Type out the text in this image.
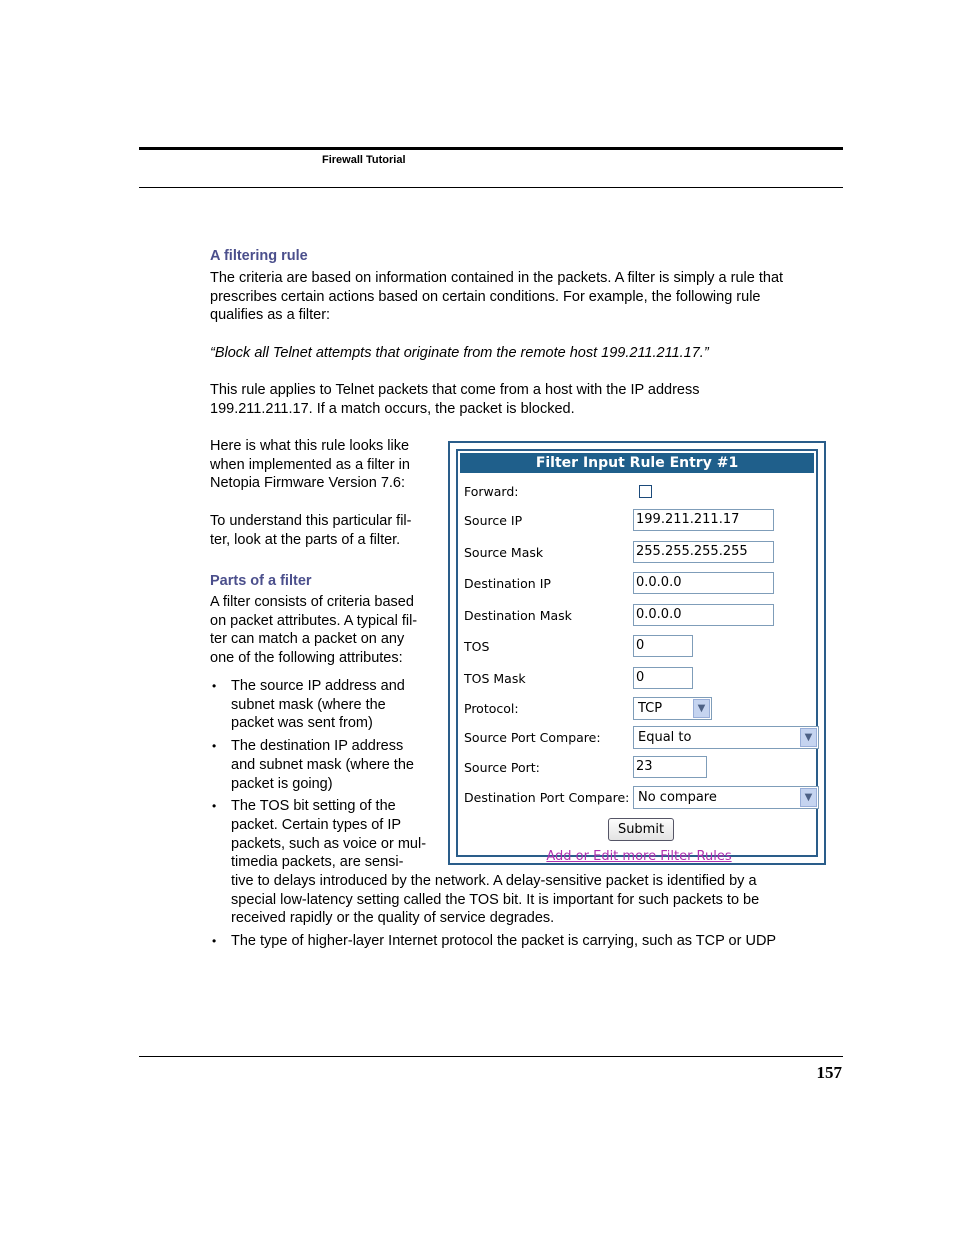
Firewall Tutorial
157
A filtering rule
The criteria are based on information contained in the packets. A filter is simply a rule that
prescribes certain actions based on certain conditions. For example, the following rule
qualifies as a filter:
“Block all Telnet attempts that originate from the remote host 199.211.211.17.”
This rule applies to Telnet packets that come from a host with the IP address
199.211.211.17. If a match occurs, the packet is blocked.
Here is what this rule looks like
when implemented as a filter in
Netopia Firmware Version 7.6:
To understand this particular fil-
ter, look at the parts of a filter.
Parts of a filter
A filter consists of criteria based
on packet attributes. A typical fil-
ter can match a packet on any
one of the following attributes:
• The source IP address and
subnet mask (where the
packet was sent from)
• The destination IP address
and subnet mask (where the
packet is going)
• The TOS bit setting of the
packet. Certain types of IP
packets, such as voice or mul-
timedia packets, are sensi-
tive to delays introduced by the network. A delay-sensitive packet is identified by a
special low-latency setting called the TOS bit. It is important for such packets to be
received rapidly or the quality of service degrades.
• The type of higher-layer Internet protocol the packet is carrying, such as TCP or UDP
Filter Input Rule Entry #1
Forward:
Source IP	199.211.211.17
Source Mask	255.255.255.255
Destination IP	0.0.0.0
Destination Mask	0.0.0.0
TOS	0
TOS Mask	0
Protocol:	TCP	▼
Source Port Compare:	Equal to	▼
Source Port:	23
Destination Port Compare: No compare	▼
Submit
Add or Edit more Filter Rules
